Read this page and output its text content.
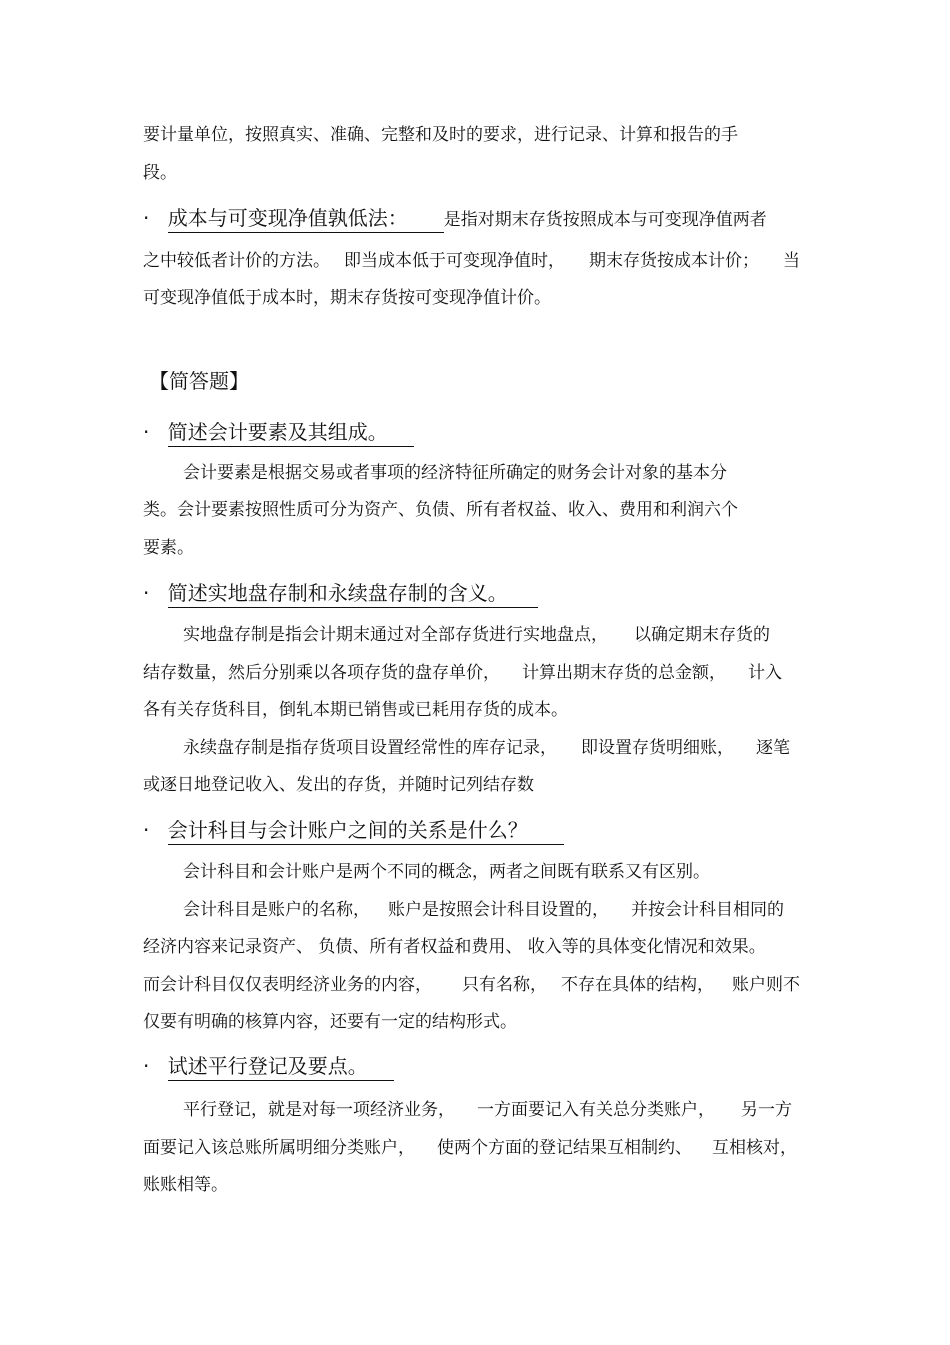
要计量单位，按照真实、准确、完整和及时的要求，进行记录、计算和报告的手
段。
· 成本与可变现净值孰低法： 是指对期末存货按照成本与可变现净值两者
之中较低者计价的方法。 即当成本低于可变现净值时， 期末存货按成本计价； 当
可变现净值低于成本时，期末存货按可变现净值计价。
【简答题】
· 简述会计要素及其组成。
会计要素是根据交易或者事项的经济特征所确定的财务会计对象的基本分
类。会计要素按照性质可分为资产、负债、所有者权益、收入、费用和利润六个
要素。
· 简述实地盘存制和永续盘存制的含义。
实地盘存制是指会计期末通过对全部存货进行实地盘点， 以确定期末存货的
结存数量，然后分别乘以各项存货的盘存单价， 计算出期末存货的总金额， 计入
各有关存货科目，倒轧本期已销售或已耗用存货的成本。
永续盘存制是指存货项目设置经常性的库存记录， 即设置存货明细账， 逐笔
或逐日地登记收入、发出的存货，并随时记列结存数
· 会计科目与会计账户之间的关系是什么？
会计科目和会计账户是两个不同的概念，两者之间既有联系又有区别。
会计科目是账户的名称， 账户是按照会计科目设置的， 并按会计科目相同的
经济内容来记录资产、 负债、所有者权益和费用、 收入等的具体变化情况和效果。
而会计科目仅仅表明经济业务的内容， 只有名称， 不存在具体的结构， 账户则不
仅要有明确的核算内容，还要有一定的结构形式。
· 试述平行登记及要点。
平行登记，就是对每一项经济业务， 一方面要记入有关总分类账户， 另一方
面要记入该总账所属明细分类账户， 使两个方面的登记结果互相制约、 互相核对，
账账相等。
